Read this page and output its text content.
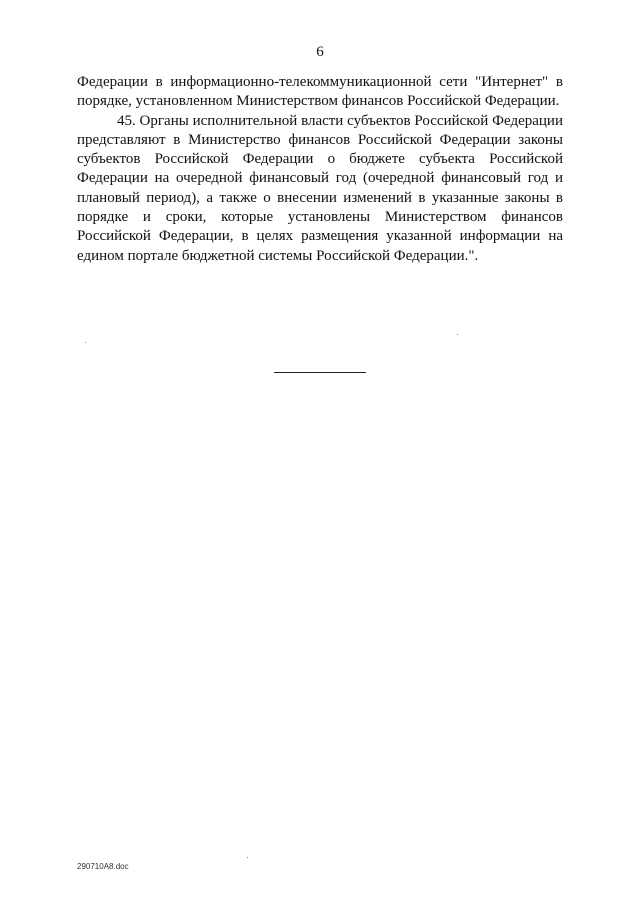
6

Федерации в информационно-телекоммуникационной сети "Интернет" в порядке, установленном Министерством финансов Российской Федерации.

45. Органы исполнительной власти субъектов Российской Федерации представляют в Министерство финансов Российской Федерации законы субъектов Российской Федерации о бюджете субъекта Российской Федерации на очередной финансовый год (очередной финансовый год и плановый период), а также о внесении изменений в указанные законы в порядке и сроки, которые установлены Министерством финансов Российской Федерации, в целях размещения указанной информации на едином портале бюджетной системы Российской Федерации.".

290710A8.doc
